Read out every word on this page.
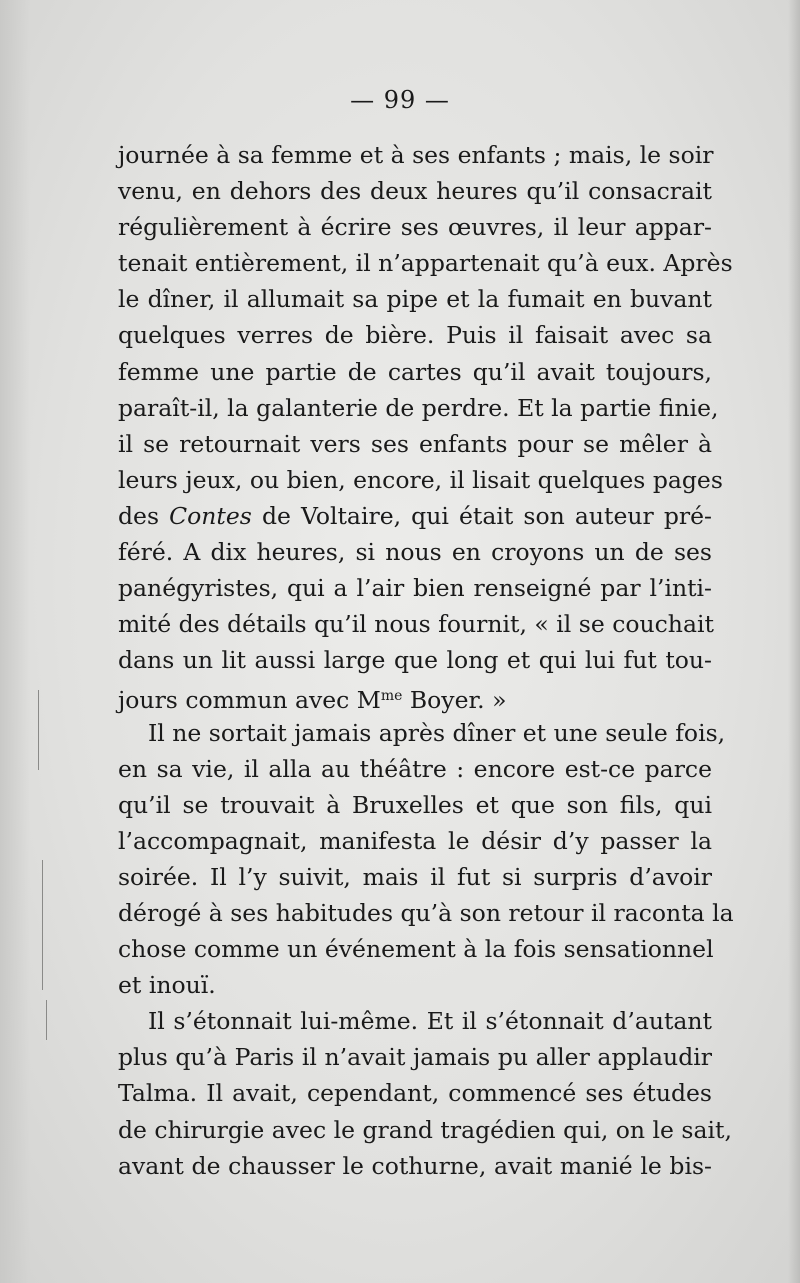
— 99 —
journée à sa femme et à ses enfants ; mais, le soir
venu, en dehors des deux heures qu’il consacrait
régulièrement à écrire ses œuvres, il leur appar-
tenait entièrement, il n’appartenait qu’à eux. Après
le dîner, il allumait sa pipe et la fumait en buvant
quelques verres de bière. Puis il faisait avec sa
femme une partie de cartes qu’il avait toujours,
paraît-il, la galanterie de perdre. Et la partie finie,
il se retournait vers ses enfants pour se mêler à
leurs jeux, ou bien, encore, il lisait quelques pages
des Contes de Voltaire, qui était son auteur pré-
féré. A dix heures, si nous en croyons un de ses
panégyristes, qui a l’air bien renseigné par l’inti-
mité des détails qu’il nous fournit, « il se couchait
dans un lit aussi large que long et qui lui fut tou-
jours commun avec $M^{me}$ Boyer. »
Il ne sortait jamais après dîner et une seule fois,
en sa vie, il alla au théâtre : encore est-ce parce
qu’il se trouvait à Bruxelles et que son fils, qui
l’accompagnait, manifesta le désir d’y passer la
soirée. Il l’y suivit, mais il fut si surpris d’avoir
dérogé à ses habitudes qu’à son retour il raconta la
chose comme un événement à la fois sensationnel
et inouï.
Il s’étonnait lui-même. Et il s’étonnait d’autant
plus qu’à Paris il n’avait jamais pu aller applaudir
Talma. Il avait, cependant, commencé ses études
de chirurgie avec le grand tragédien qui, on le sait,
avant de chausser le cothurne, avait manié le bis-
